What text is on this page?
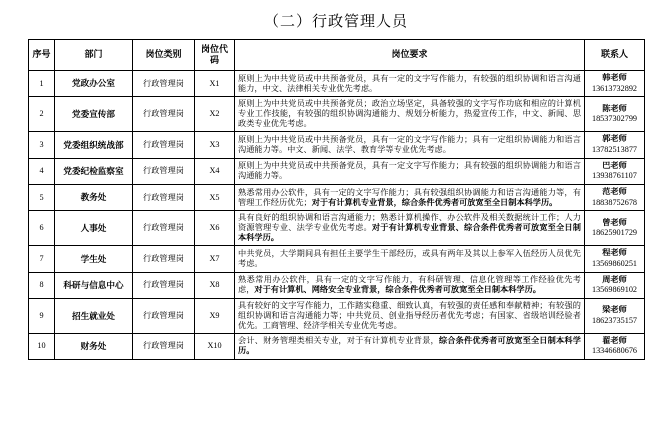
（二）行政管理人员
序号	部门	岗位类别	岗位代码	岗位要求	联系人
1	党政办公室	行政管理岗	X1	原则上为中共党员或中共预备党员，具有一定的文字写作能力，有较强的组织协调和语言沟通能力，中文、法律相关专业优先考虑。	韩老师
13613732892

2	党委宣传部	行政管理岗	X2	原则上为中共党员或中共预备党员；政治立场坚定，具备较强的文字写作功底和相应的计算机专业工作技能，有较强的组织协调沟通能力、规划分析能力，热爱宣传工作，中文、新闻、思政类专业优先考虑。	陈老师
18537302799

3	党委组织统战部	行政管理岗	X3	原则上为中共党员或中共预备党员，具有一定的文字写作能力；具有一定组织协调能力和语言沟通能力等。中文、新闻、法学、教育学等专业优先考虑。	郭老师
13782513877

4	党委纪检监察室	行政管理岗	X4	原则上为中共党员或中共预备党员，具有一定文字写作能力；具有较强的组织协调能力和语言沟通能力等。	巴老师
13938761107

5	教务处	行政管理岗	X5	熟悉常用办公软件，具有一定的文字写作能力；具有较强组织协调能力和语言沟通能力等，有管理工作经历优先；对于有计算机专业背景，综合条件优秀者可放宽至全日制本科学历。	范老师
18838752678

6	人事处	行政管理岗	X6	具有良好的组织协调和语言沟通能力；熟悉计算机操作、办公软件及相关数据统计工作；人力资源管理专业、法学专业优先考虑。对于有计算机专业背景、综合条件优秀者可放宽至全日制本科学历。	曾老师
18625901729

7	学生处	行政管理岗	X7	中共党员，大学期间具有担任主要学生干部经历，或具有两年及其以上参军入伍经历人员优先考虑。	程老师
13569860251

8	科研与信息中心	行政管理岗	X8	熟悉常用办公软件，具有一定的文字写作能力，有科研管理、信息化管理等工作经验优先考虑，对于有计算机、网络安全专业背景，综合条件优秀者可放宽至全日制本科学历。	周老师
13569869102

9	招生就业处	行政管理岗	X9	具有较好的文字写作能力，工作踏实稳重、细致认真，有较强的责任感和奉献精神；有较强的组织协调和语言沟通能力等；中共党员、创业指导经历者优先考虑；有国家、省级培训经验者优先。工商管理、经济学相关专业优先考虑。	梁老师
18623735157

10	财务处	行政管理岗	X10	会计、财务管理类相关专业，对于有计算机专业背景，综合条件优秀者可放宽至全日制本科学历。	翟老师
13346680676
